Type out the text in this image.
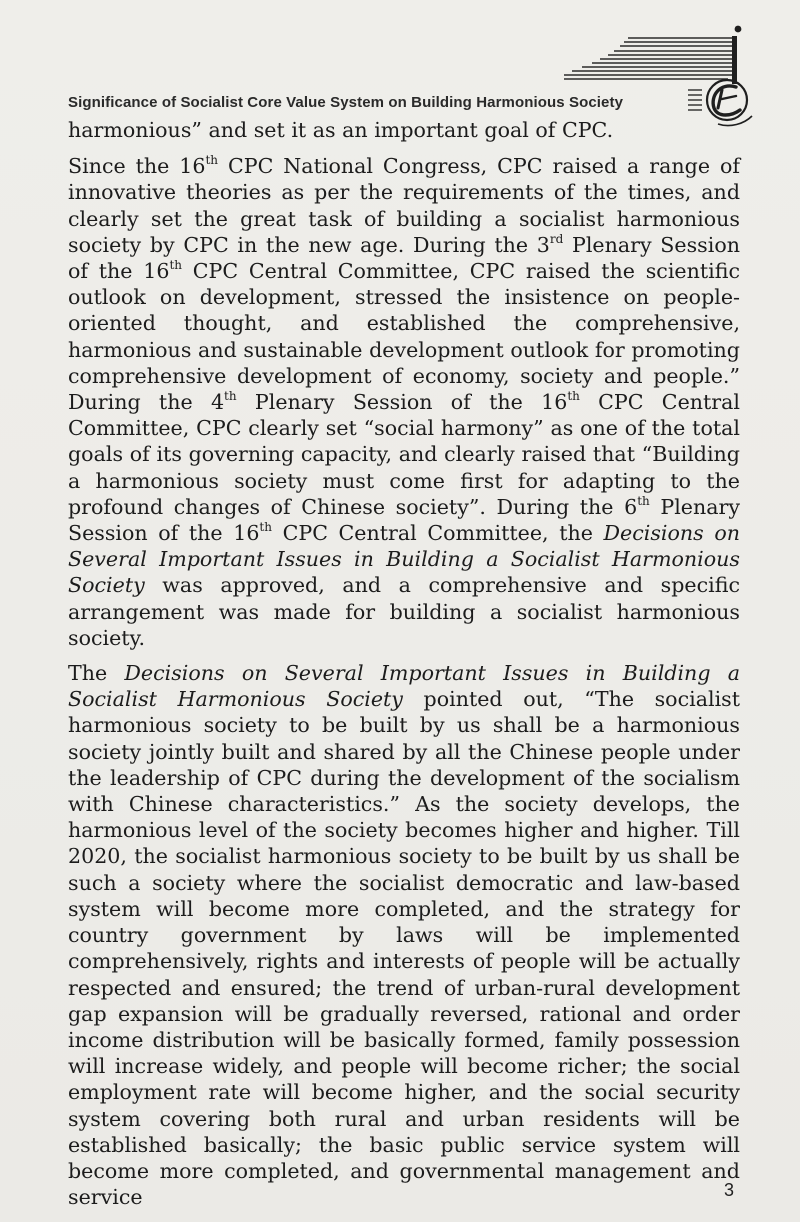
Significance of Socialist Core Value System on Building Harmonious Society

harmonious” and set it as an important goal of CPC.

Since the 16th CPC National Congress, CPC raised a range of innovative theories as per the requirements of the times, and clearly set the great task of building a socialist harmonious society by CPC in the new age. During the 3rd Plenary Session of the 16th CPC Central Committee, CPC raised the scientific outlook on development, stressed the insistence on people-oriented thought, and established the comprehensive, harmonious and sustainable development outlook for promoting comprehensive development of economy, society and people.” During the 4th Plenary Session of the 16th CPC Central Committee, CPC clearly set “social harmony” as one of the total goals of its governing capacity, and clearly raised that “Building a harmonious society must come first for adapting to the profound changes of Chinese society”. During the 6th Plenary Session of the 16th CPC Central Committee, the Decisions on Several Important Issues in Building a Socialist Harmonious Society was approved, and a comprehensive and specific arrangement was made for building a socialist harmonious society.

The Decisions on Several Important Issues in Building a Socialist Harmonious Society pointed out, “The socialist harmonious society to be built by us shall be a harmonious society jointly built and shared by all the Chinese people under the leadership of CPC during the development of the socialism with Chinese characteristics.” As the society develops, the harmonious level of the society becomes higher and higher. Till 2020, the socialist harmonious society to be built by us shall be such a society where the socialist democratic and law-based system will become more completed, and the strategy for country government by laws will be implemented comprehensively, rights and interests of people will be actually respected and ensured; the trend of urban-rural development gap expansion will be gradually reversed, rational and order income distribution will be basically formed, family possession will increase widely, and people will become richer; the social employment rate will become higher, and the social security system covering both rural and urban residents will be established basically; the basic public service system will become more completed, and governmental management and service	3
